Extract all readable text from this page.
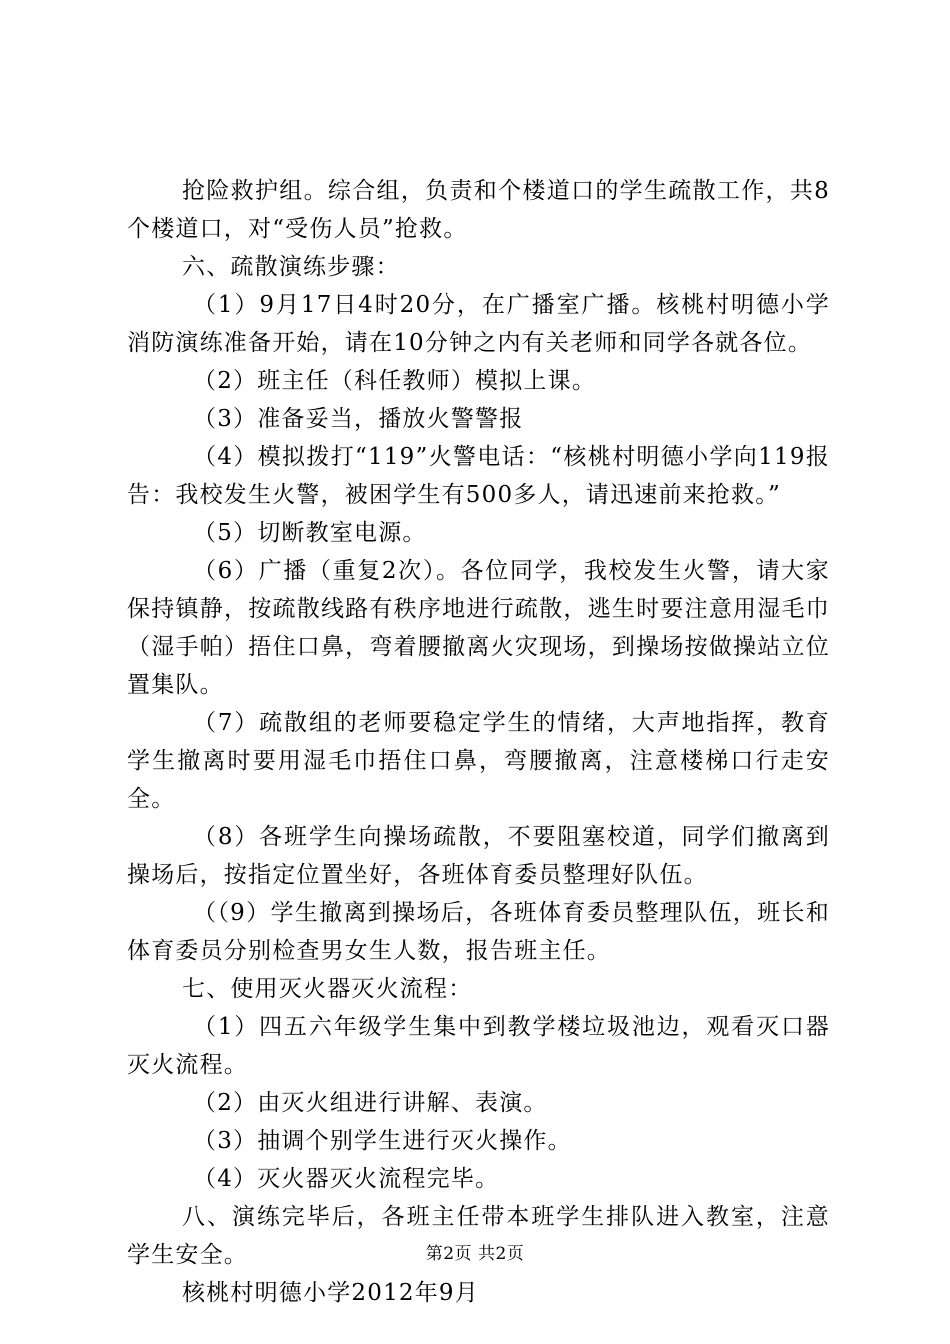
抢险救护组。综合组，负责和个楼道口的学生疏散工作，共8个楼道口，对“受伤人员”抢救。

六、疏散演练步骤：

（1）9月17日4时20分，在广播室广播。核桃村明德小学消防演练准备开始，请在10分钟之内有关老师和同学各就各位。

（2）班主任（科任教师）模拟上课。

（3）准备妥当，播放火警警报

（4）模拟拨打“119”火警电话：“核桃村明德小学向119报告：我校发生火警，被困学生有500多人，请迅速前来抢救。”

（5）切断教室电源。

（6）广播（重复2次）。各位同学，我校发生火警，请大家保持镇静，按疏散线路有秩序地进行疏散，逃生时要注意用湿毛巾（湿手帕）捂住口鼻，弯着腰撤离火灾现场，到操场按做操站立位置集队。

（7）疏散组的老师要稳定学生的情绪，大声地指挥，教育学生撤离时要用湿毛巾捂住口鼻，弯腰撤离，注意楼梯口行走安全。

（8）各班学生向操场疏散，不要阻塞校道，同学们撤离到操场后，按指定位置坐好，各班体育委员整理好队伍。

（（9）学生撤离到操场后，各班体育委员整理队伍，班长和体育委员分别检查男女生人数，报告班主任。

七、使用灭火器灭火流程：

（1）四五六年级学生集中到教学楼垃圾池边，观看灭口器灭火流程。

（2）由灭火组进行讲解、表演。

（3）抽调个别学生进行灭火操作。

（4）灭火器灭火流程完毕。

八、演练完毕后，各班主任带本班学生排队进入教室，注意学生安全。

核桃村明德小学2012年9月

第2页 共2页
